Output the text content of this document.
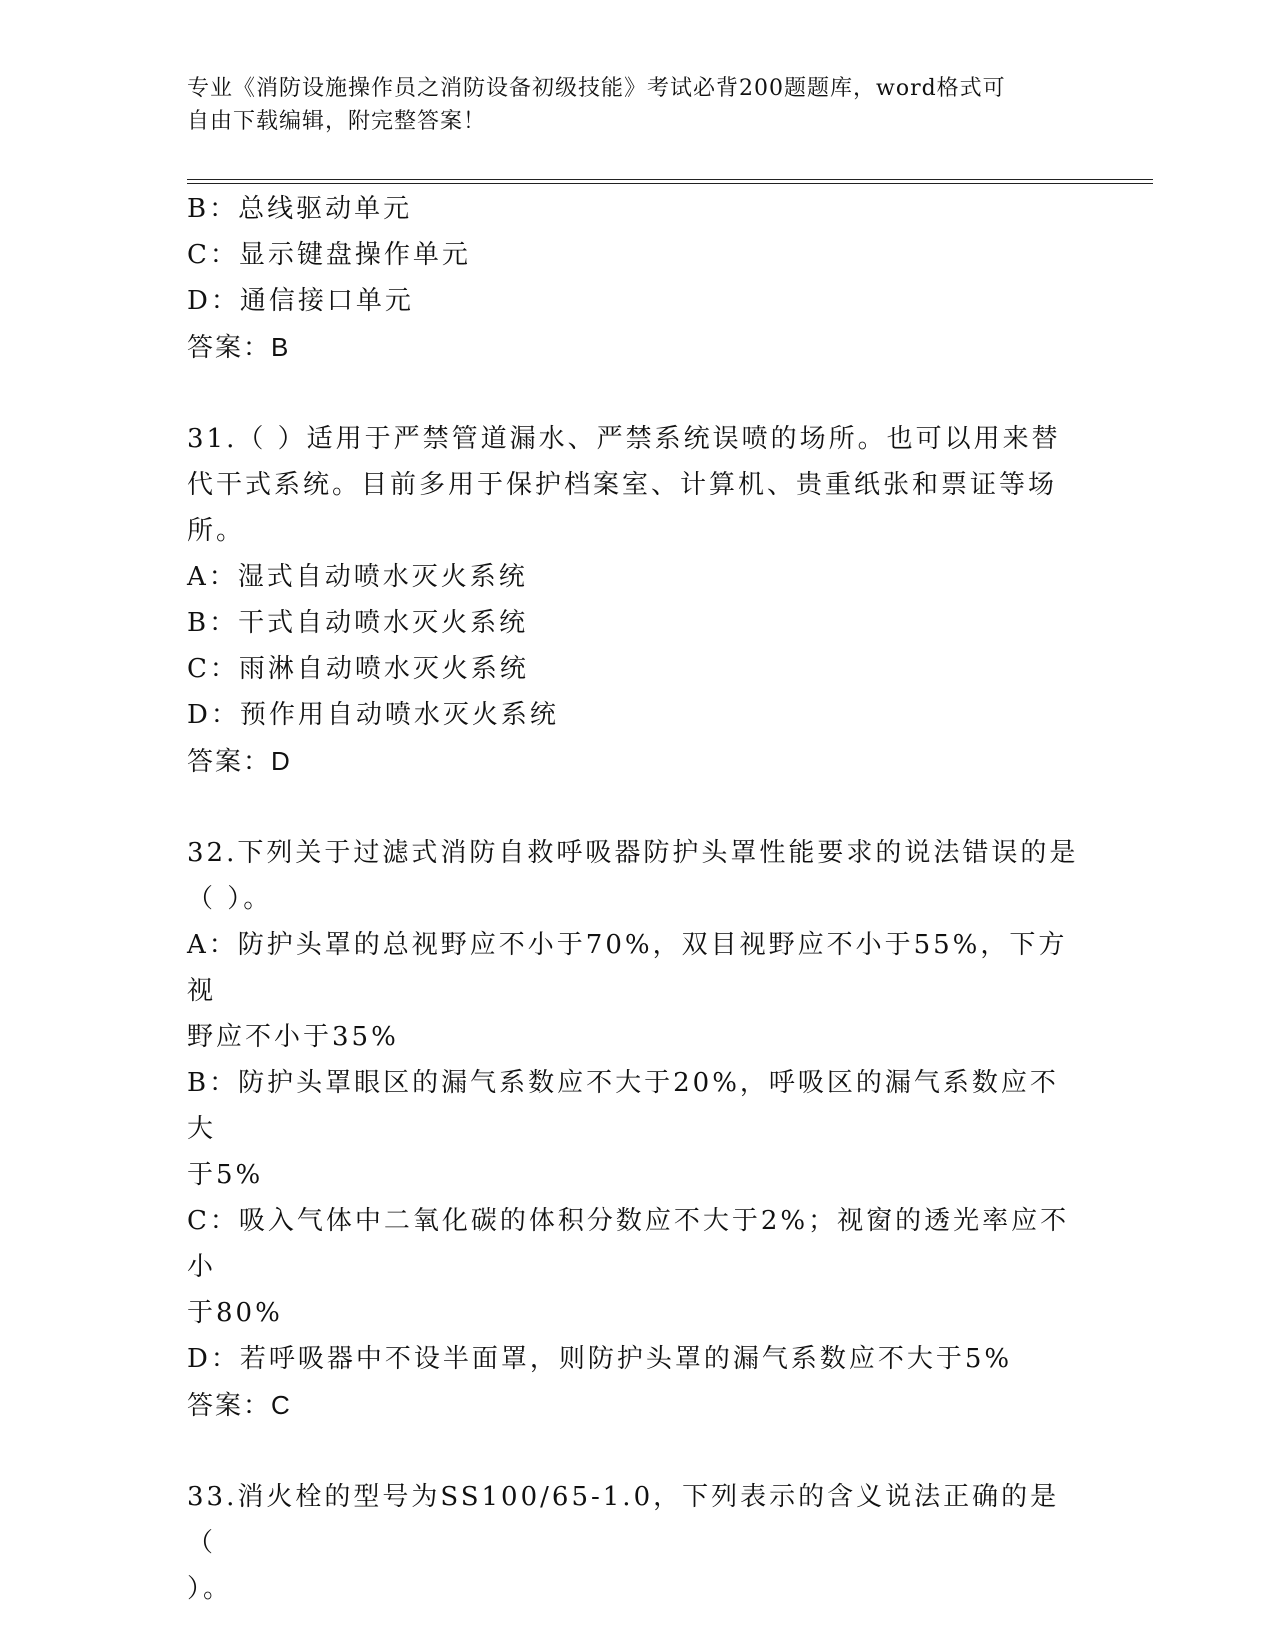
专业《消防设施操作员之消防设备初级技能》考试必背200题题库，word格式可
自由下载编辑，附完整答案！
B：总线驱动单元
C：显示键盘操作单元
D：通信接口单元
答案：B
31.（ ）适用于严禁管道漏水、严禁系统误喷的场所。也可以用来替
代干式系统。目前多用于保护档案室、计算机、贵重纸张和票证等场
所。
A：湿式自动喷水灭火系统
B：干式自动喷水灭火系统
C：雨淋自动喷水灭火系统
D：预作用自动喷水灭火系统
答案：D
32.下列关于过滤式消防自救呼吸器防护头罩性能要求的说法错误的是
（ ）。
A：防护头罩的总视野应不小于70%，双目视野应不小于55%，下方视
野应不小于35%
B：防护头罩眼区的漏气系数应不大于20%，呼吸区的漏气系数应不大
于5%
C：吸入气体中二氧化碳的体积分数应不大于2%；视窗的透光率应不小
于80%
D：若呼吸器中不设半面罩，则防护头罩的漏气系数应不大于5%
答案：C
33.消火栓的型号为SS100/65-1.0，下列表示的含义说法正确的是（
）。
